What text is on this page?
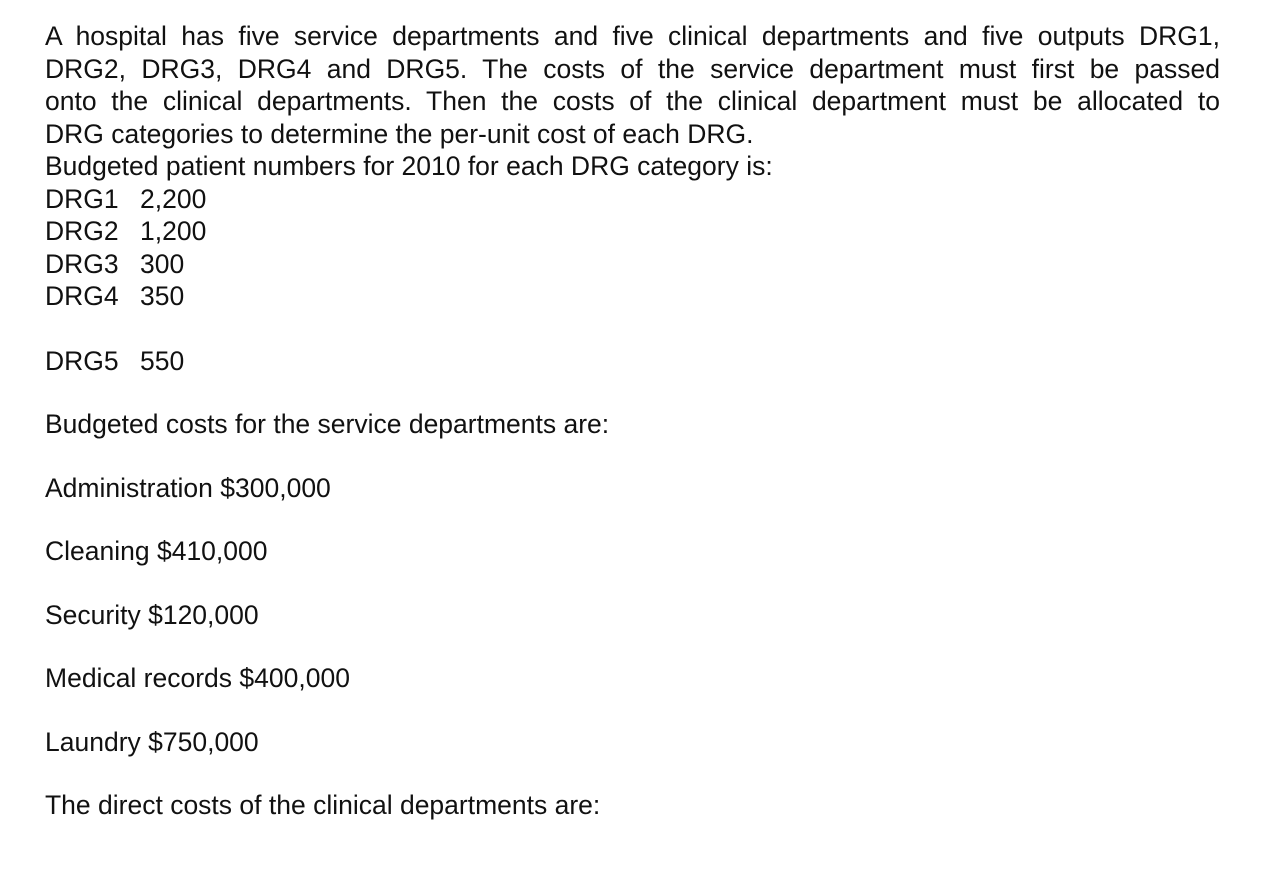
A hospital has five service departments and five clinical departments and five outputs DRG1,

DRG2, DRG3, DRG4 and DRG5. The costs of the service department must first be passed

onto the clinical departments. Then the costs of the clinical department must be allocated to

DRG categories to determine the per-unit cost of each DRG.

Budgeted patient numbers for 2010 for each DRG category is:

DRG1 2,200
DRG2 1,200
DRG3 300
DRG4 350
DRG5 550

Budgeted costs for the service departments are:

Administration $300,000

Cleaning $410,000

Security $120,000

Medical records $400,000

Laundry $750,000

The direct costs of the clinical departments are:
